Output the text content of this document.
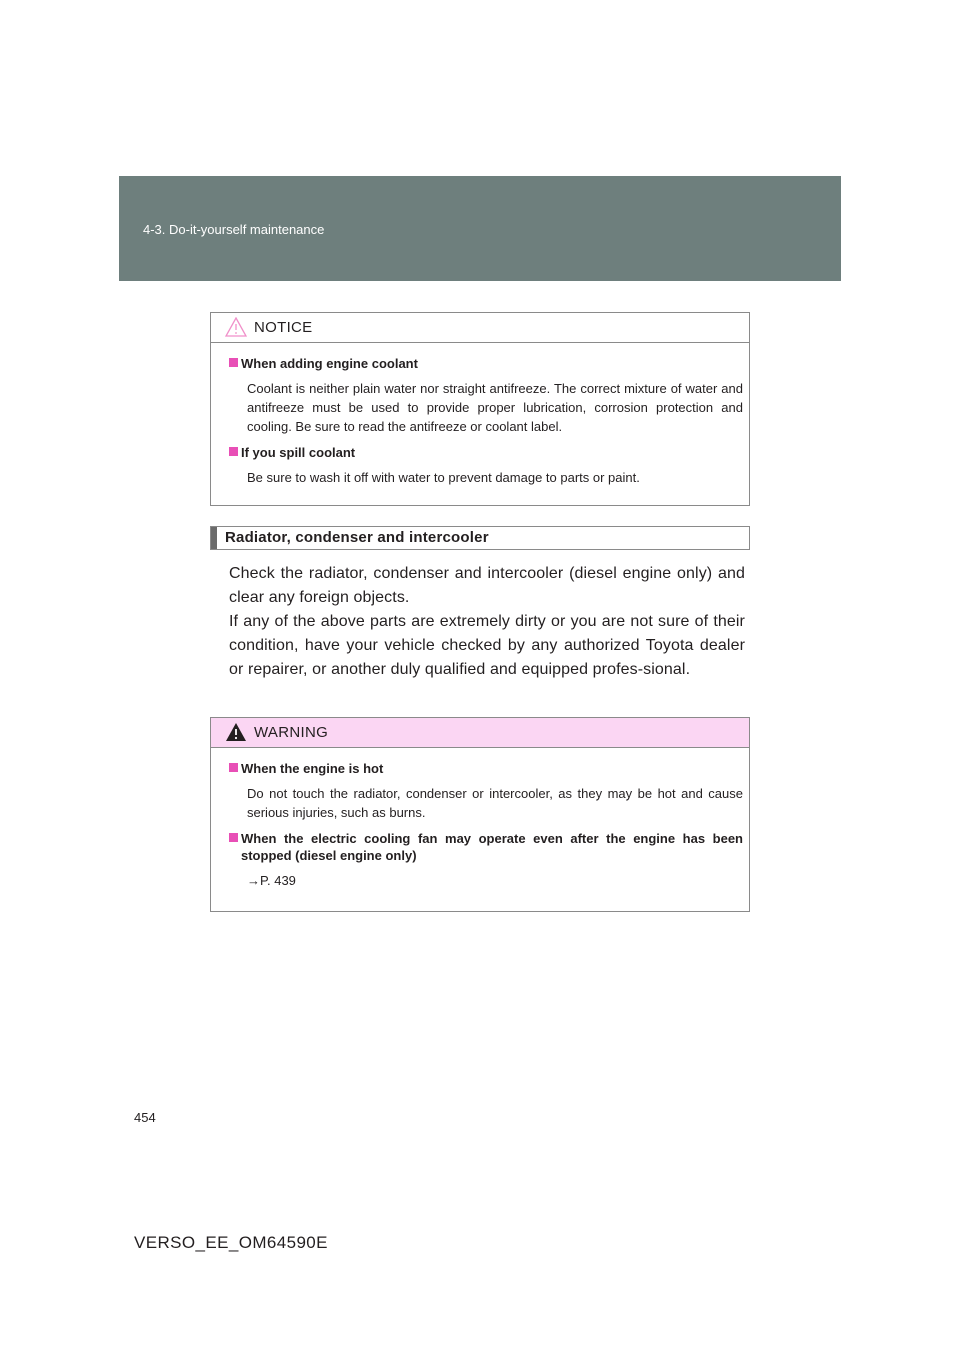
4-3. Do-it-yourself maintenance
NOTICE
When adding engine coolant
Coolant is neither plain water nor straight antifreeze. The correct mixture of water and antifreeze must be used to provide proper lubrication, corrosion protection and cooling. Be sure to read the antifreeze or coolant label.
If you spill coolant
Be sure to wash it off with water to prevent damage to parts or paint.
Radiator, condenser and intercooler

Check the radiator, condenser and intercooler (diesel engine only) and clear any foreign objects.

If any of the above parts are extremely dirty or you are not sure of their condition, have your vehicle checked by any authorized Toyota dealer or repairer, or another duly qualified and equipped profes-sional.

WARNING
When the engine is hot
Do not touch the radiator, condenser or intercooler, as they may be hot and cause serious injuries, such as burns.
When the electric cooling fan may operate even after the engine has been stopped (diesel engine only)
→P. 439
454
VERSO_EE_OM64590E
